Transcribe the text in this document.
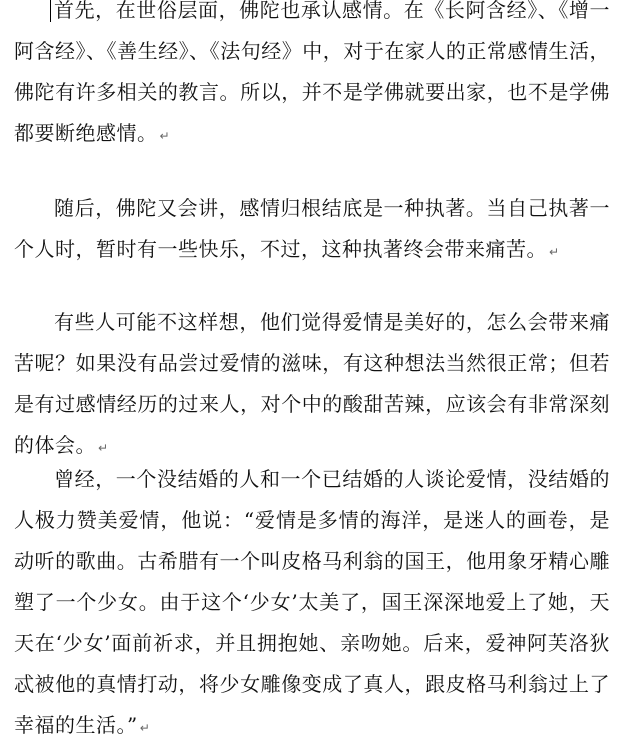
首先，在世俗层面，佛陀也承认感情。在《长阿含经》、《增一阿含经》、《善生经》、《法句经》中，对于在家人的正常感情生活，佛陀有许多相关的教言。所以，并不是学佛就要出家，也不是学佛都要断绝感情。 ↵

随后，佛陀又会讲，感情归根结底是一种执著。当自己执著一个人时，暂时有一些快乐，不过，这种执著终会带来痛苦。 ↵

有些人可能不这样想，他们觉得爱情是美好的，怎么会带来痛苦呢？如果没有品尝过爱情的滋味，有这种想法当然很正常；但若是有过感情经历的过来人，对个中的酸甜苦辣，应该会有非常深刻的体会。 ↵

曾经，一个没结婚的人和一个已结婚的人谈论爱情，没结婚的人极力赞美爱情，他说：“爱情是多情的海洋，是迷人的画卷，是动听的歌曲。古希腊有一个叫皮格马利翁的国王，他用象牙精心雕塑了一个少女。由于这个‘少女’太美了，国王深深地爱上了她，天天在‘少女’面前祈求，并且拥抱她、亲吻她。后来，爱神阿芙洛狄忒被他的真情打动，将少女雕像变成了真人，跟皮格马利翁过上了幸福的生活。” ↵
